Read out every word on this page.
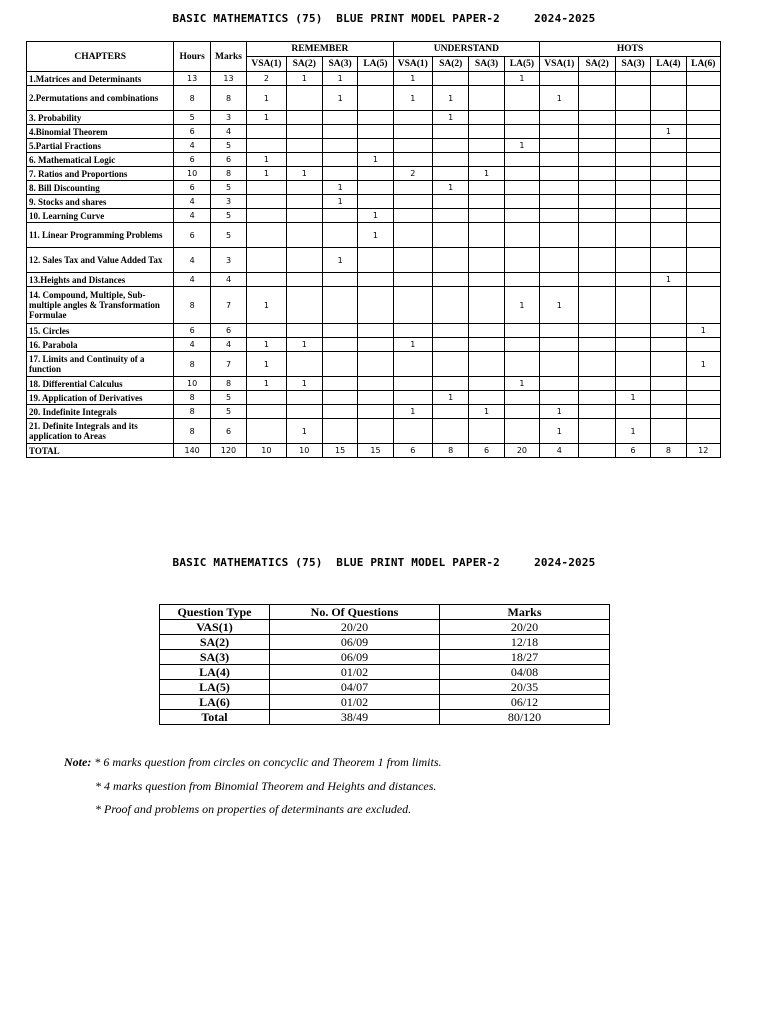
BASIC MATHEMATICS (75)  BLUE PRINT MODEL PAPER-2     2024-2025
CHAPTERS	Hours	Marks	REMEMBER				UNDERSTAND				HOTS				
			VSA(1)	SA(2)	SA(3)	LA(5)	VSA(1)	SA(2)	SA(3)	LA(5)	VSA(1)	SA(2)	SA(3)	LA(4)	LA(6)
1.Matrices and Determinants	13	13	2	1	1		1			1					
2.Permutations and combinations	8	8	1		1		1	1			1				
3. Probability	5	3	1					1							
4.Binomial Theorem	6	4												1	
5.Partial Fractions	4	5								1					
6. Mathematical Logic	6	6	1			1									
7. Ratios and Proportions	10	8	1	1			2		1						
8. Bill Discounting	6	5			1			1							
9. Stocks and shares	4	3			1										
10. Learning Curve	4	5				1									
11. Linear Programming Problems	6	5				1									
12. Sales Tax and Value Added Tax	4	3			1										
13.Heights and Distances	4	4												1	
14. Compound, Multiple, Sub-multiple angles & Transformation Formulae	8	7	1							1	1				
15. Circles	6	6													1
16. Parabola	4	4	1	1			1								
17. Limits and Continuity of a function	8	7	1												1
18. Differential Calculus	10	8	1	1						1					
19. Application of Derivatives	8	5						1					1		
20. Indefinite Integrals	8	5					1		1		1				
21. Definite Integrals and its application to Areas	8	6		1							1		1		
TOTAL	140	120	10	10	15	15	6	8	6	20	4		6	8	12
BASIC MATHEMATICS (75)  BLUE PRINT MODEL PAPER-2     2024-2025
Question Type	No. Of Questions	Marks
VAS(1)	20/20	20/20
SA(2)	06/09	12/18
SA(3)	06/09	18/27
LA(4)	01/02	04/08
LA(5)	04/07	20/35
LA(6)	01/02	06/12
Total	38/49	80/120
Note: * 6 marks question from circles on concyclic and Theorem 1 from limits.
* 4 marks question from Binomial Theorem and Heights and distances.
* Proof and problems on properties of determinants are excluded.
